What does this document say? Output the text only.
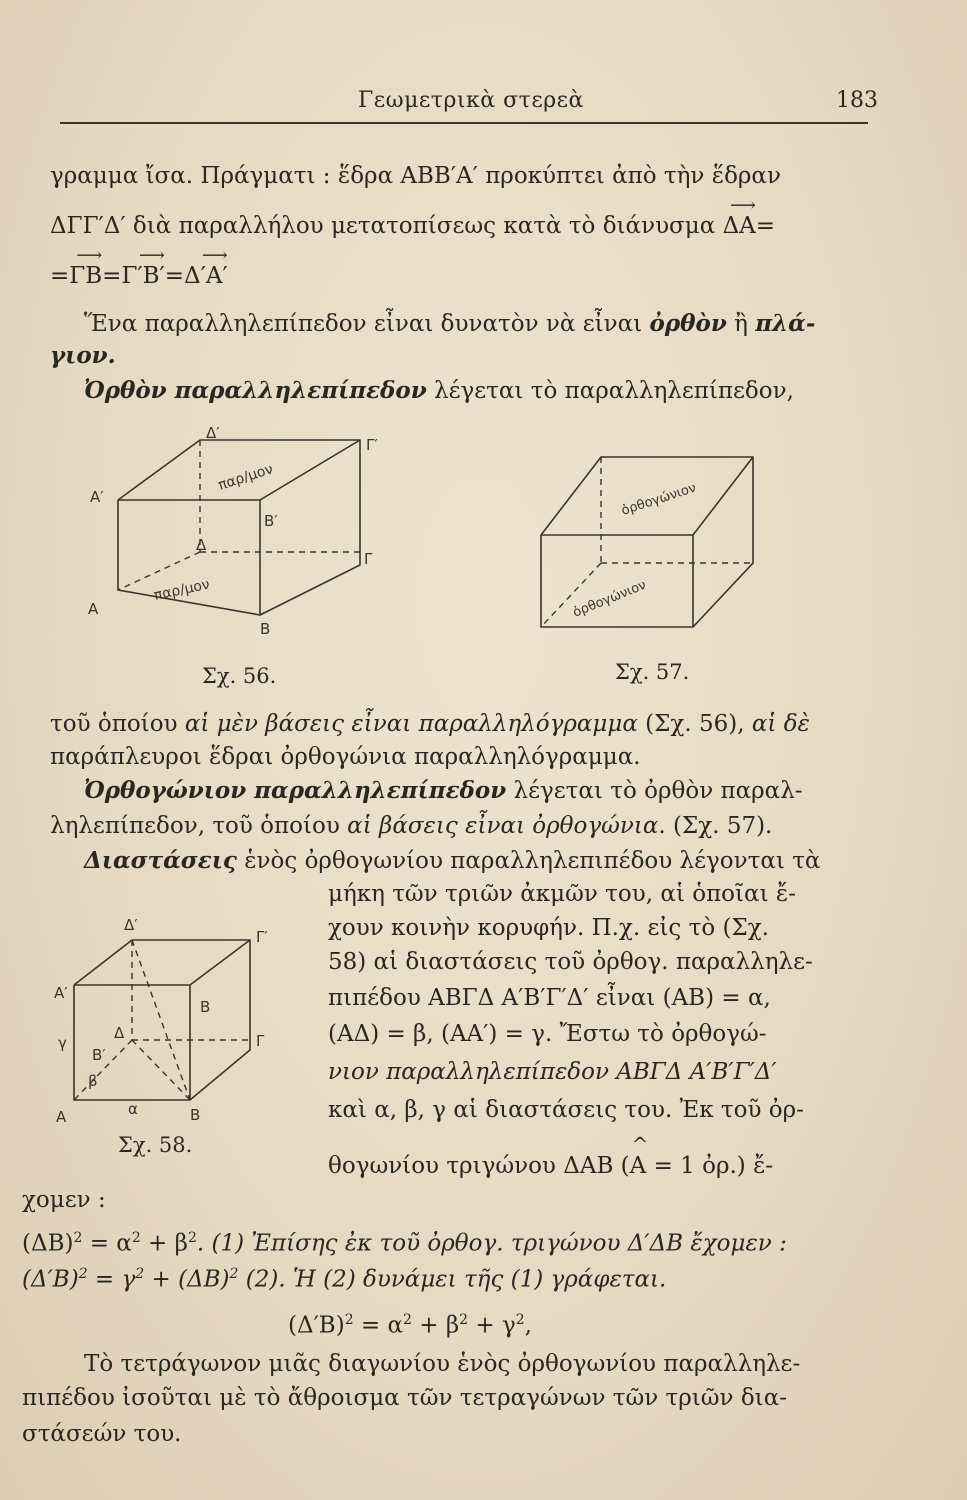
Γεωμετρικὰ στερεὰ	183
γραμμα ἴσα. Πράγματι : ἕδρα ΑΒΒ′Α′ προκύπτει ἀπὸ τὴν ἕδραν
ΔΓΓ′Δ′ διὰ παραλλήλου μετατοπίσεως κατὰ τὸ διάνυσμα ⟶ ΔΑ=
=⟶ ΓΒ=⟶ Γ′Β′=⟶ Δ′Α′
Ἕνα παραλληλεπίπεδον εἶναι δυνατὸν νὰ εἶναι ὀρθὸν ἢ πλά-
γιον.
Ὀρθὸν παραλληλεπίπεδον λέγεται τὸ παραλληλεπίπεδον,
Δ′
Γ′
Α′
Β′
Δ
Γ
Α
Β
παρ/μον
παρ/μον
Σχ. 56.
ὀρθογώνιον
ὀρθογώνιον
Σχ. 57.
τοῦ ὁποίου αἱ μὲν βάσεις εἶναι παραλληλόγραμμα (Σχ. 56), αἱ δὲ
παράπλευροι ἕδραι ὀρθογώνια παραλληλόγραμμα.
Ὀρθογώνιον παραλληλεπίπεδον λέγεται τὸ ὀρθὸν παραλ-
ληλεπίπεδον, τοῦ ὁποίου αἱ βάσεις εἶναι ὀρθογώνια. (Σχ. 57).
Διαστάσεις ἑνὸς ὀρθογωνίου παραλληλεπιπέδου λέγονται τὰ
μήκη τῶν τριῶν ἀκμῶν του, αἱ ὁποῖαι ἔ-
χουν κοινὴν κορυφήν. Π.χ. εἰς τὸ (Σχ.
58) αἱ διαστάσεις τοῦ ὀρθογ. παραλληλε-
πιπέδου ΑΒΓΔ Α′Β′Γ′Δ′ εἶναι (ΑΒ) = α,
(ΑΔ) = β, (ΑΑ′) = γ. Ἔστω τὸ ὀρθογώ-
νιον παραλληλεπίπεδον ΑΒΓΔ Α′Β′Γ′Δ′
καὶ α, β, γ αἱ διαστάσεις του. Ἐκ τοῦ ὀρ-
θογωνίου τριγώνου ΔΑΒ (^ Α = 1 ὀρ.) ἔ-
Δ′
Γ′
Α′
Β
Δ	Γ
Α	Β
Β′
γ
β
α
Σχ. 58.
χομεν :
$(\Delta B)^2 = \alpha^2 + \beta^2$. (1) Ἐπίσης ἐκ τοῦ ὀρθογ. τριγώνου Δ′ΔΒ ἔχομεν :
$(\Delta'B)^2 = \gamma^2 + (\Delta B)^2$ (2). Ἡ (2) δυνάμει τῆς (1) γράφεται.
$(\Delta'B)^2 = \alpha^2 + \beta^2 + \gamma^2$,
Τὸ τετράγωνον μιᾶς διαγωνίου ἑνὸς ὀρθογωνίου παραλληλε-
πιπέδου ἰσοῦται μὲ τὸ ἄθροισμα τῶν τετραγώνων τῶν τριῶν δια-
στάσεών του.
